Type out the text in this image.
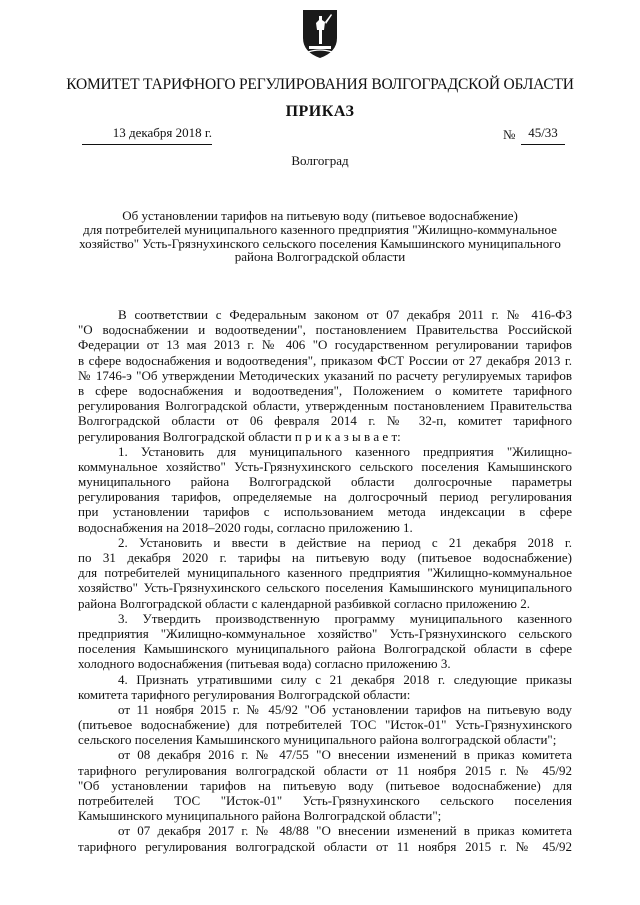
КОМИТЕТ ТАРИФНОГО РЕГУЛИРОВАНИЯ ВОЛГОГРАДСКОЙ ОБЛАСТИ
ПРИКАЗ
13 декабря 2018 г.	№ 45/33
Волгоград
Об установлении тарифов на питьевую воду (питьевое водоснабжение)
для потребителей муниципального казенного предприятия "Жилищно-коммунальное
хозяйство" Усть-Грязнухинского сельского поселения Камышинского муниципального
района Волгоградской области
В соответствии с Федеральным законом от 07 декабря 2011 г. № 416-ФЗ
"О водоснабжении и водоотведении", постановлением Правительства Российской
Федерации от 13 мая 2013 г. № 406 "О государственном регулировании тарифов
в сфере водоснабжения и водоотведения", приказом ФСТ России от 27 декабря 2013 г.
№ 1746-э "Об утверждении Методических указаний по расчету регулируемых тарифов
в сфере водоснабжения и водоотведения", Положением о комитете тарифного
регулирования Волгоградской области, утвержденным постановлением Правительства
Волгоградской области от 06 февраля 2014 г. № 32-п, комитет тарифного
регулирования Волгоградской области п р и к а з ы в а е т:
1. Установить для муниципального казенного предприятия "Жилищно-
коммунальное хозяйство" Усть-Грязнухинского сельского поселения Камышинского
муниципального района Волгоградской области долгосрочные параметры
регулирования тарифов, определяемые на долгосрочный период регулирования
при установлении тарифов с использованием метода индексации в сфере
водоснабжения на 2018–2020 годы, согласно приложению 1.
2. Установить и ввести в действие на период с 21 декабря 2018 г.
по 31 декабря 2020 г. тарифы на питьевую воду (питьевое водоснабжение)
для потребителей муниципального казенного предприятия "Жилищно-коммунальное
хозяйство" Усть-Грязнухинского сельского поселения Камышинского муниципального
района Волгоградской области с календарной разбивкой согласно приложению 2.
3. Утвердить производственную программу муниципального казенного
предприятия "Жилищно-коммунальное хозяйство" Усть-Грязнухинского сельского
поселения Камышинского муниципального района Волгоградской области в сфере
холодного водоснабжения (питьевая вода) согласно приложению 3.
4. Признать утратившими силу с 21 декабря 2018 г. следующие приказы
комитета тарифного регулирования Волгоградской области:
от 11 ноября 2015 г. № 45/92 "Об установлении тарифов на питьевую воду
(питьевое водоснабжение) для потребителей ТОС "Исток-01" Усть-Грязнухинского
сельского поселения Камышинского муниципального района волгоградской области";
от 08 декабря 2016 г. № 47/55 "О внесении изменений в приказ комитета
тарифного регулирования волгоградской области от 11 ноября 2015 г. № 45/92
"Об установлении тарифов на питьевую воду (питьевое водоснабжение) для
потребителей ТОС "Исток-01" Усть-Грязнухинского сельского поселения
Камышинского муниципального района Волгоградской области";
от 07 декабря 2017 г. № 48/88 "О внесении изменений в приказ комитета
тарифного регулирования волгоградской области от 11 ноября 2015 г. № 45/92
